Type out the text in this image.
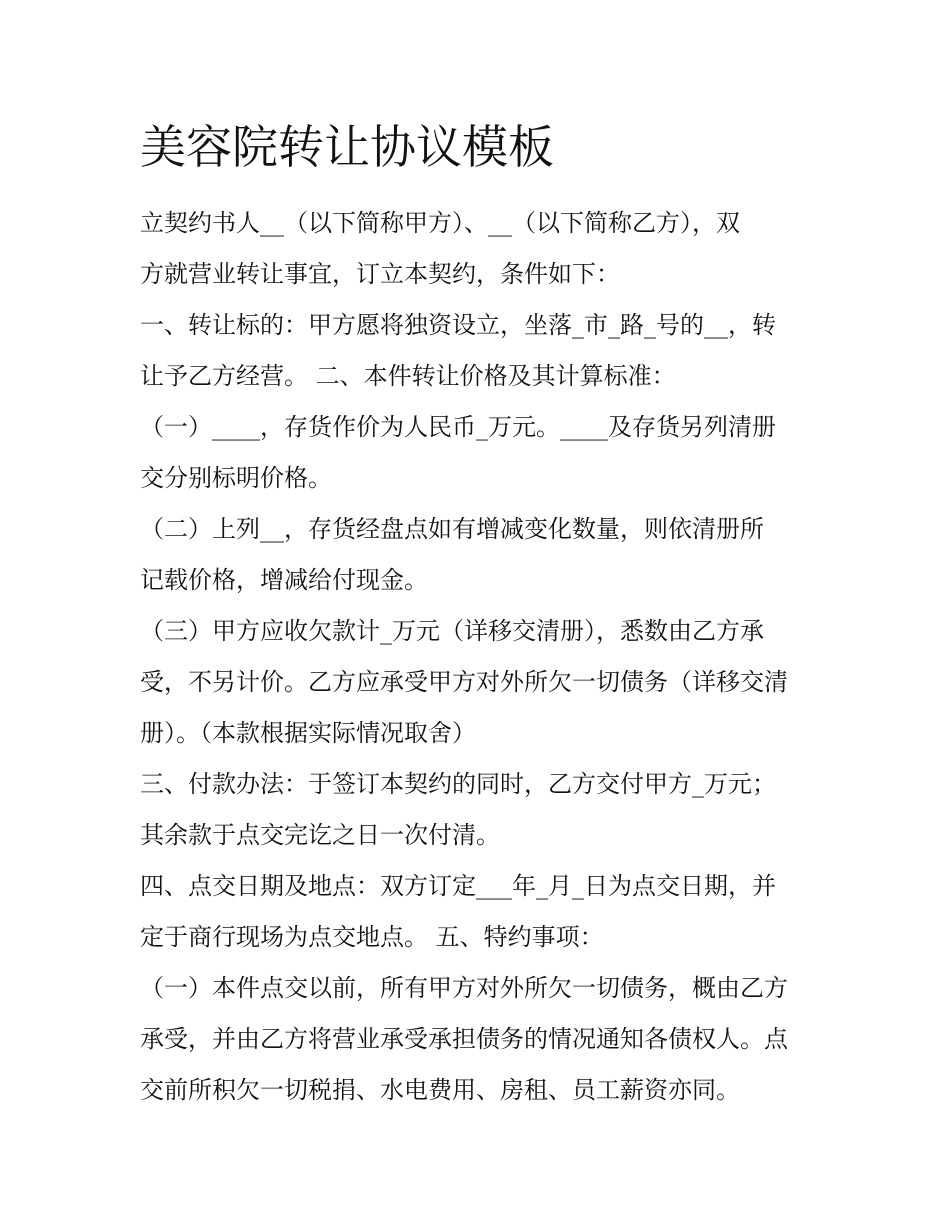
美容院转让协议模板

立契约书人__（以下简称甲方）、__（以下简称乙方），双

方就营业转让事宜，订立本契约，条件如下：

一、转让标的：甲方愿将独资设立，坐落_市_路_号的__，转

让予乙方经营。 二、本件转让价格及其计算标准：

（一）____，存货作价为人民币_万元。____及存货另列清册

交分别标明价格。

（二）上列__，存货经盘点如有增减变化数量，则依清册所

记载价格，增减给付现金。

（三）甲方应收欠款计_万元（详移交清册），悉数由乙方承

受，不另计价。乙方应承受甲方对外所欠一切债务（详移交清

册）。（本款根据实际情况取舍）

三、付款办法：于签订本契约的同时，乙方交付甲方_万元；

其余款于点交完讫之日一次付清。

四、点交日期及地点：双方订定___年_月_日为点交日期，并

定于商行现场为点交地点。 五、特约事项：

（一）本件点交以前，所有甲方对外所欠一切债务，概由乙方

承受，并由乙方将营业承受承担债务的情况通知各债权人。点

交前所积欠一切税捐、水电费用、房租、员工薪资亦同。
